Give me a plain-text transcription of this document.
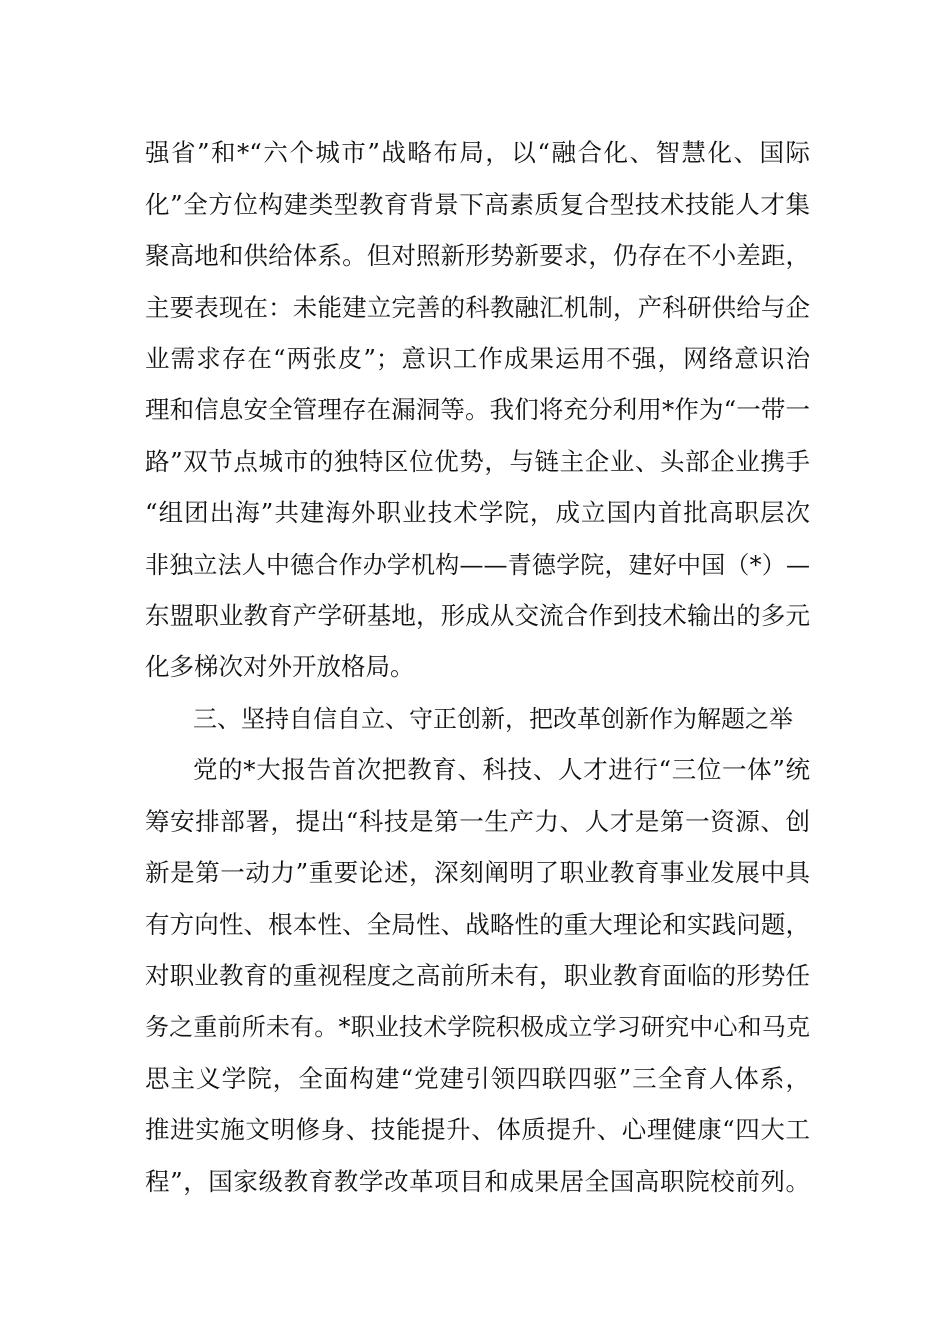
强省”和*“六个城市”战略布局，以“融合化、智慧化、国际
化”全方位构建类型教育背景下高素质复合型技术技能人才集
聚高地和供给体系。但对照新形势新要求，仍存在不小差距，
主要表现在：未能建立完善的科教融汇机制，产科研供给与企
业需求存在“两张皮”；意识工作成果运用不强，网络意识治
理和信息安全管理存在漏洞等。我们将充分利用*作为“一带一
路”双节点城市的独特区位优势，与链主企业、头部企业携手
“组团出海”共建海外职业技术学院，成立国内首批高职层次
非独立法人中德合作办学机构——青德学院，建好中国（*）—
东盟职业教育产学研基地，形成从交流合作到技术输出的多元
化多梯次对外开放格局。
三、坚持自信自立、守正创新，把改革创新作为解题之举
党的*大报告首次把教育、科技、人才进行“三位一体”统
筹安排部署，提出“科技是第一生产力、人才是第一资源、创
新是第一动力”重要论述，深刻阐明了职业教育事业发展中具
有方向性、根本性、全局性、战略性的重大理论和实践问题，
对职业教育的重视程度之高前所未有，职业教育面临的形势任
务之重前所未有。*职业技术学院积极成立学习研究中心和马克
思主义学院，全面构建“党建引领四联四驱”三全育人体系，
推进实施文明修身、技能提升、体质提升、心理健康“四大工
程”，国家级教育教学改革项目和成果居全国高职院校前列。
